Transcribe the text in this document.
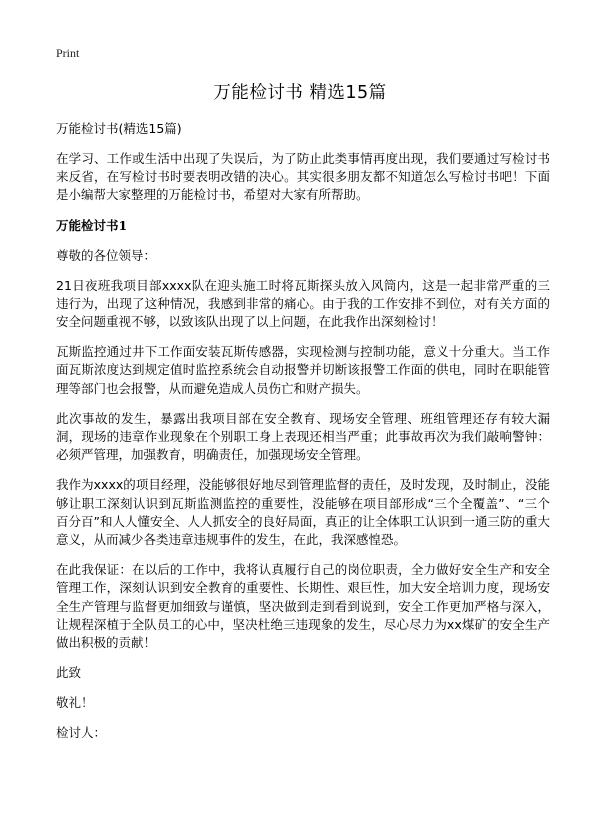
Print
万能检讨书 精选15篇

万能检讨书(精选15篇)

在学习、工作或生活中出现了失误后，为了防止此类事情再度出现，我们要通过写检讨书来反省，在写检讨书时要表明改错的决心。其实很多朋友都不知道怎么写检讨书吧！下面是小编帮大家整理的万能检讨书，希望对大家有所帮助。

万能检讨书1

尊敬的各位领导：

21日夜班我项目部xxxx队在迎头施工时将瓦斯探头放入风筒内，这是一起非常严重的三违行为，出现了这种情况，我感到非常的痛心。由于我的工作安排不到位，对有关方面的安全问题重视不够，以致该队出现了以上问题，在此我作出深刻检讨！

瓦斯监控通过井下工作面安装瓦斯传感器，实现检测与控制功能，意义十分重大。当工作面瓦斯浓度达到规定值时监控系统会自动报警并切断该报警工作面的供电，同时在职能管理等部门也会报警，从而避免造成人员伤亡和财产损失。

此次事故的发生，暴露出我项目部在安全教育、现场安全管理、班组管理还存有较大漏洞，现场的违章作业现象在个别职工身上表现还相当严重；此事故再次为我们敲响警钟：必须严管理，加强教育，明确责任，加强现场安全管理。

我作为xxxx的项目经理，没能够很好地尽到管理监督的责任，及时发现，及时制止，没能够让职工深刻认识到瓦斯监测监控的重要性，没能够在项目部形成“三个全覆盖”、“三个百分百”和人人懂安全、人人抓安全的良好局面，真正的让全体职工认识到一通三防的重大意义，从而减少各类违章违规事件的发生，在此，我深感惶恐。

在此我保证：在以后的工作中，我将认真履行自己的岗位职责，全力做好安全生产和安全管理工作，深刻认识到安全教育的重要性、长期性、艰巨性，加大安全培训力度，现场安全生产管理与监督更加细致与谨慎，坚决做到走到看到说到，安全工作更加严格与深入，让规程深植于全队员工的心中，坚决杜绝三违现象的发生，尽心尽力为xx煤矿的安全生产做出积极的贡献！

此致

敬礼！

检讨人：
